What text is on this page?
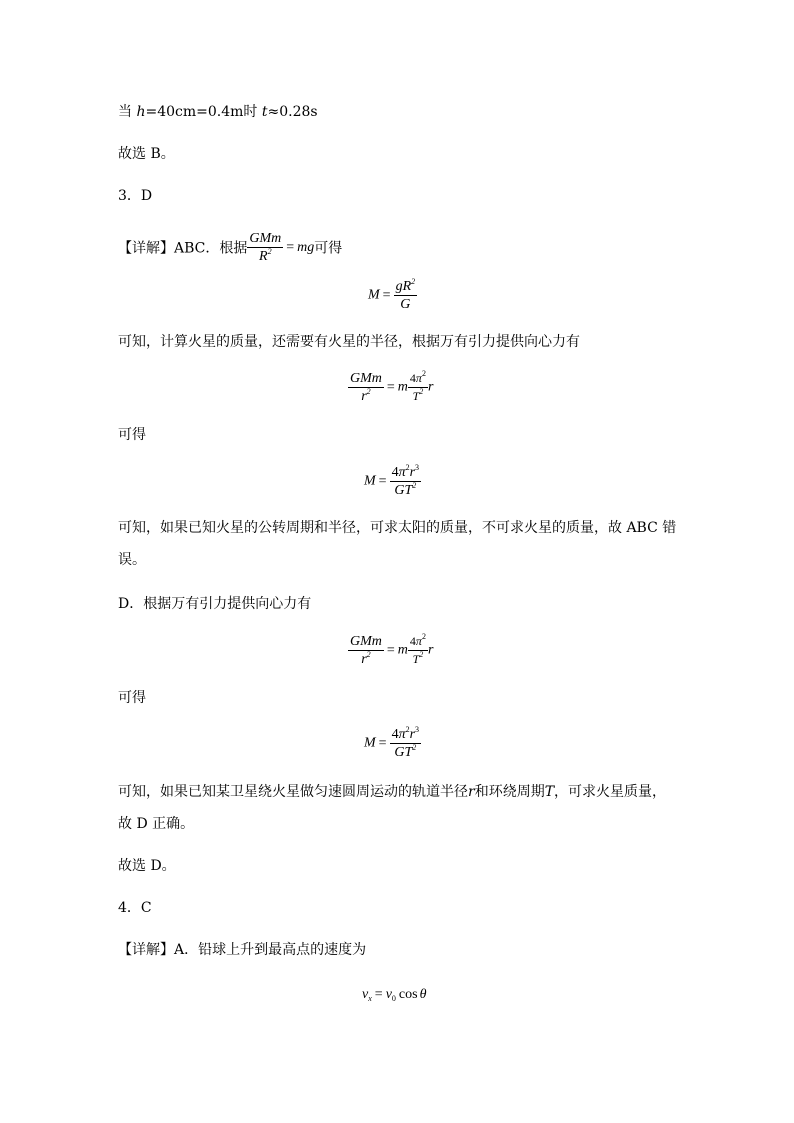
当 h=40cm=0.4m时 t≈0.28s
故选 B。
3．D
【详解】ABC．根据 $\frac{\text{GMm}}{R^2}$ = mg可得
$M = \frac{gR^2}{G}$
可知，计算火星的质量，还需要有火星的半径，根据万有引力提供向心力有
$\frac{\text{GMm}}{r^2} = m \frac{4\pi^2}{T^2}$ r
可得
$M = \frac{4\pi^2r^3}{GT^2}$
可知，如果已知火星的公转周期和半径，可求太阳的质量，不可求火星的质量，故 ABC 错
误。
D．根据万有引力提供向心力有
$\frac{\text{GMm}}{r^2} = m \frac{4\pi^2}{T^2}$ r
可得
$M = \frac{4\pi^2r^3}{GT^2}$
可知，如果已知某卫星绕火星做匀速圆周运动的轨道半径r和环绕周期T，可求火星质量，
故 D 正确。
故选 D。
4．C
【详解】A．铅球上升到最高点的速度为
$v_x = v_0$ cos θ
